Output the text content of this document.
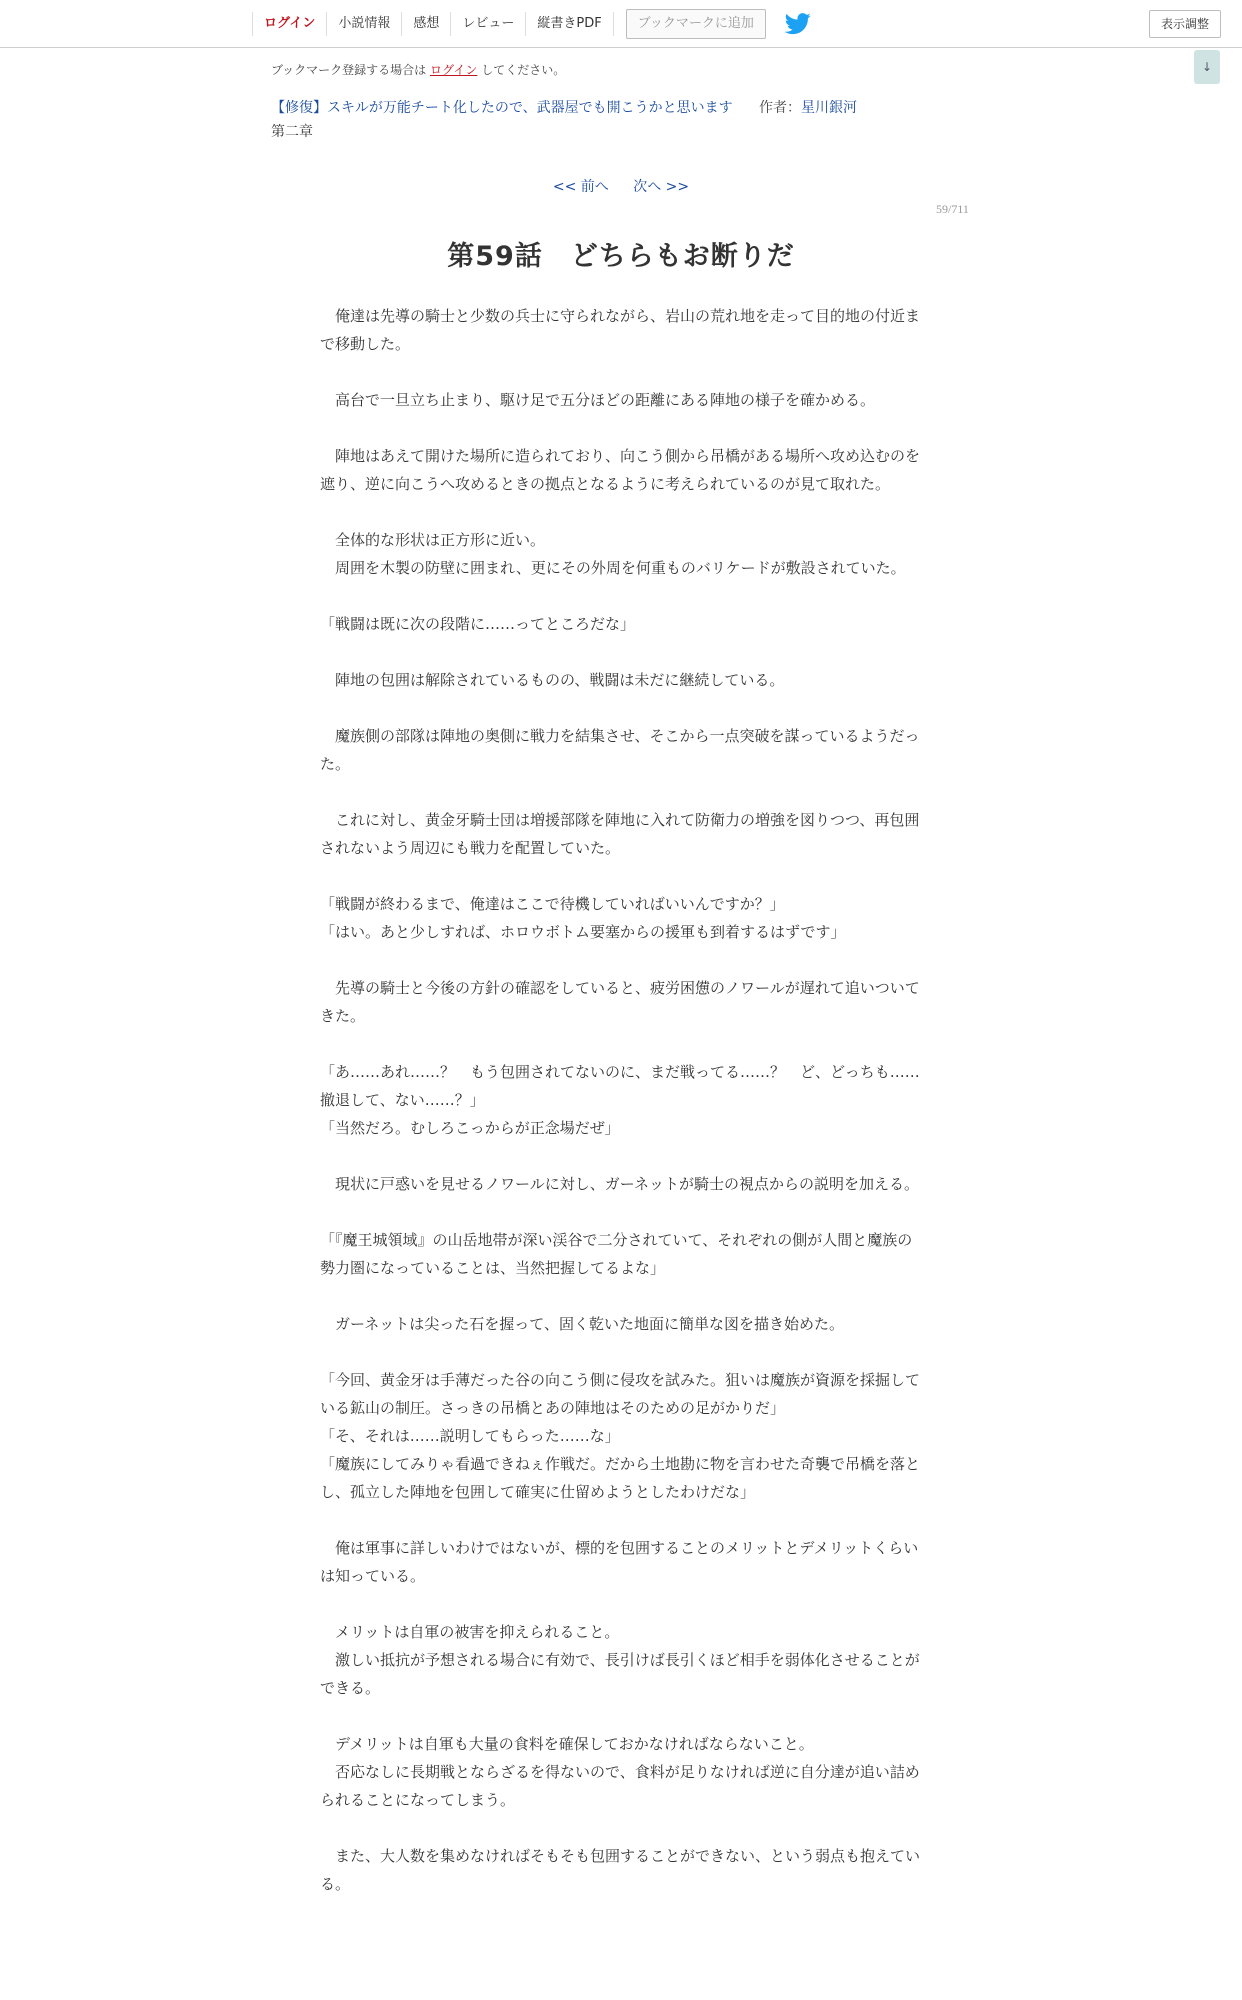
ログイン	小説情報	感想	レビュー	縦書きPDF	ブックマークに追加	表示調整
↓
ブックマーク登録する場合は ログイン してください。
【修復】スキルが万能チート化したので、武器屋でも開こうかと思います 作者：星川銀河
第二章
<< 前へ 次へ >>
59/711
第59話　どちらもお断りだ

　俺達は先導の騎士と少数の兵士に守られながら、岩山の荒れ地を走って目的地の付近まで移動した。

　高台で一旦立ち止まり、駆け足で五分ほどの距離にある陣地の様子を確かめる。

　陣地はあえて開けた場所に造られており、向こう側から吊橋がある場所へ攻め込むのを遮り、逆に向こうへ攻めるときの拠点となるように考えられているのが見て取れた。

　全体的な形状は正方形に近い。

　周囲を木製の防壁に囲まれ、更にその外周を何重ものバリケードが敷設されていた。

「戦闘は既に次の段階に……ってところだな」

　陣地の包囲は解除されているものの、戦闘は未だに継続している。

　魔族側の部隊は陣地の奥側に戦力を結集させ、そこから一点突破を謀っているようだった。

　これに対し、黄金牙騎士団は増援部隊を陣地に入れて防衛力の増強を図りつつ、再包囲されないよう周辺にも戦力を配置していた。

「戦闘が終わるまで、俺達はここで待機していればいいんですか？」

「はい。あと少しすれば、ホロウボトム要塞からの援軍も到着するはずです」

　先導の騎士と今後の方針の確認をしていると、疲労困憊のノワールが遅れて追いついてきた。

「あ……あれ……？　もう包囲されてないのに、まだ戦ってる……？　ど、どっちも……撤退して、ない……？」

「当然だろ。むしろこっからが正念場だぜ」

　現状に戸惑いを見せるノワールに対し、ガーネットが騎士の視点からの説明を加える。

「『魔王城領域』の山岳地帯が深い渓谷で二分されていて、それぞれの側が人間と魔族の勢力圏になっていることは、当然把握してるよな」

　ガーネットは尖った石を握って、固く乾いた地面に簡単な図を描き始めた。

「今回、黄金牙は手薄だった谷の向こう側に侵攻を試みた。狙いは魔族が資源を採掘している鉱山の制圧。さっきの吊橋とあの陣地はそのための足がかりだ」

「そ、それは……説明してもらった……な」

「魔族にしてみりゃ看過できねぇ作戦だ。だから土地勘に物を言わせた奇襲で吊橋を落とし、孤立した陣地を包囲して確実に仕留めようとしたわけだな」

　俺は軍事に詳しいわけではないが、標的を包囲することのメリットとデメリットくらいは知っている。

　メリットは自軍の被害を抑えられること。

　激しい抵抗が予想される場合に有効で、長引けば長引くほど相手を弱体化させることができる。

　デメリットは自軍も大量の食料を確保しておかなければならないこと。

　否応なしに長期戦とならざるを得ないので、食料が足りなければ逆に自分達が追い詰められることになってしまう。

　また、大人数を集めなければそもそも包囲することができない、という弱点も抱えている。
